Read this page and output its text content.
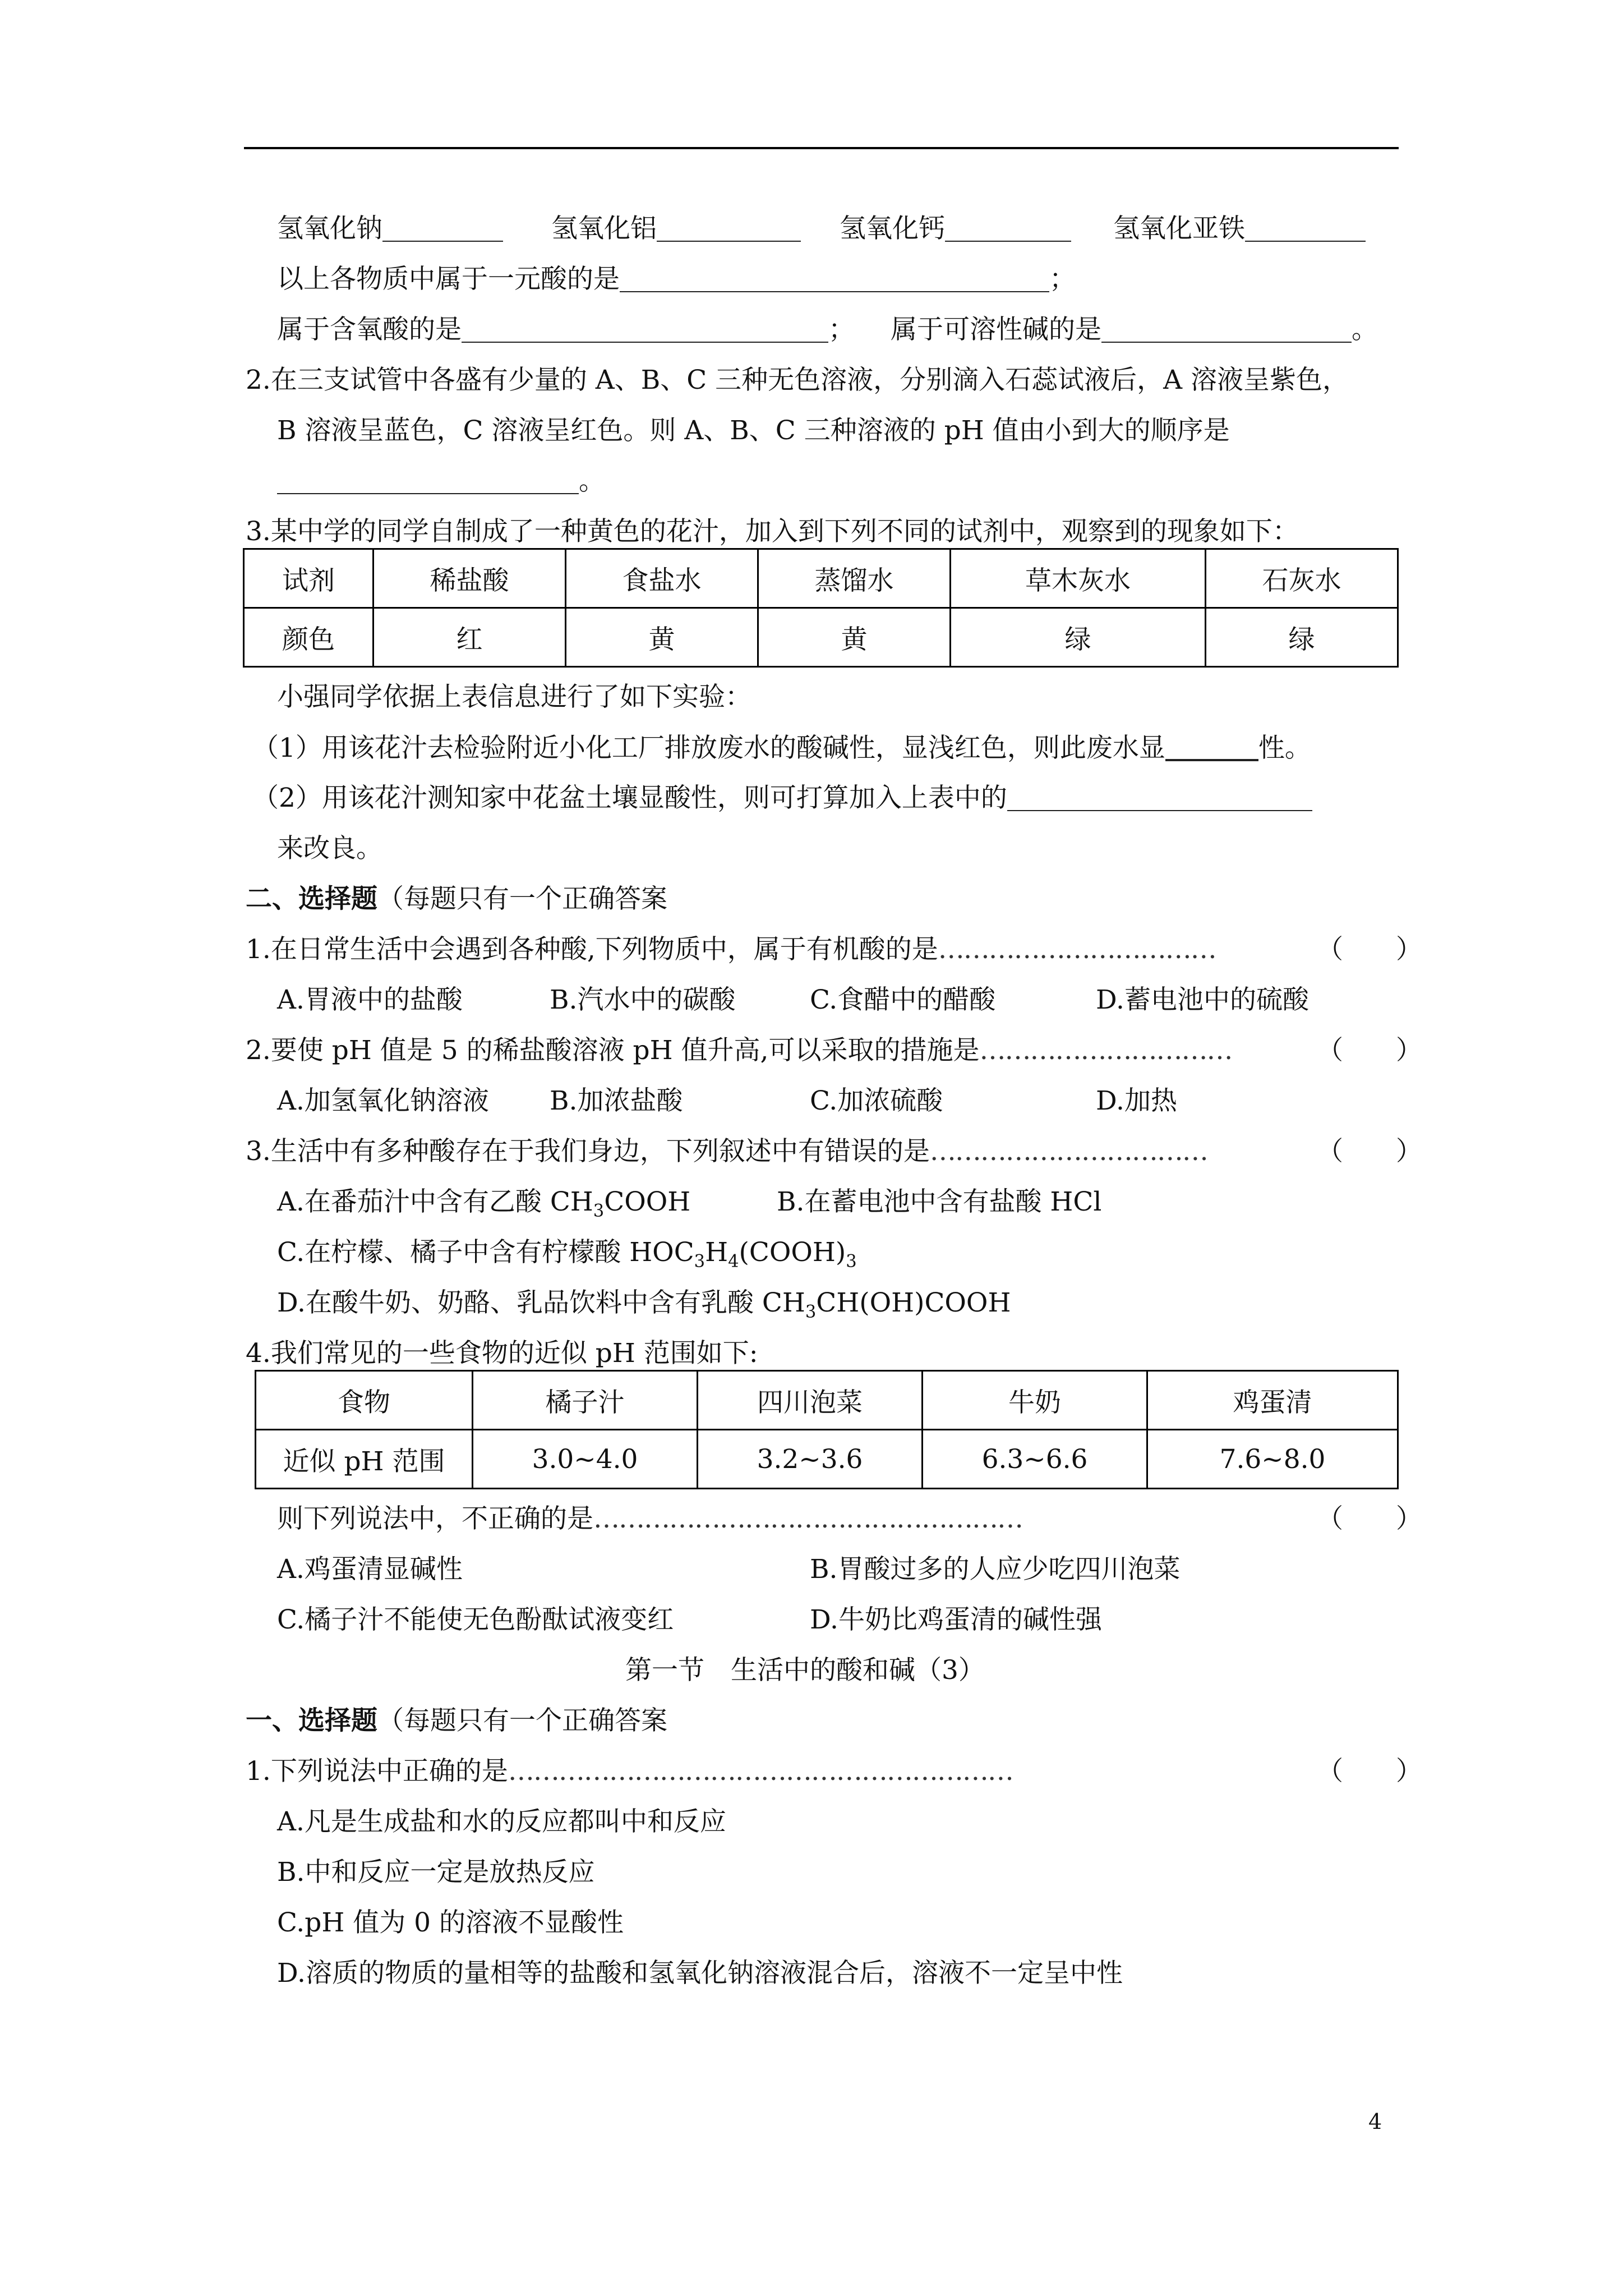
氢氧化钠	氢氧化铝	氢氧化钙	氢氧化亚铁
以上各物质中属于一元酸的是	；
属于含氧酸的是	； 属于可溶性碱的是	。
2.在三支试管中各盛有少量的 A、B、C 三种无色溶液，分别滴入石蕊试液后，A 溶液呈紫色，
B 溶液呈蓝色，C 溶液呈红色。则 A、B、C 三种溶液的 pH 值由小到大的顺序是
。
3.某中学的同学自制成了一种黄色的花汁，加入到下列不同的试剂中，观察到的现象如下：
试剂	稀盐酸	食盐水	蒸馏水	草木灰水	石灰水
颜色	红	黄	黄	绿	绿
小强同学依据上表信息进行了如下实验：
（1）用该花汁去检验附近小化工厂排放废水的酸碱性，显浅红色，则此废水显	性。
（2）用该花汁测知家中花盆土壤显酸性，则可打算加入上表中的
来改良。
二、选择题（每题只有一个正确答案
1.在日常生活中会遇到各种酸,下列物质中，属于有机酸的是……………………………	（　　）
A.胃液中的盐酸	B.汽水中的碳酸	C.食醋中的醋酸	D.蓄电池中的硫酸
2.要使 pH 值是 5 的稀盐酸溶液 pH 值升高,可以采取的措施是…………………………	（　　）
A.加氢氧化钠溶液 B.加浓盐酸	C.加浓硫酸	D.加热
3.生活中有多种酸存在于我们身边，下列叙述中有错误的是……………………………	（　　）
A.在番茄汁中含有乙酸 $CH_3COOH$	B.在蓄电池中含有盐酸 HCl
C.在柠檬、橘子中含有柠檬酸 $HOC_3H_4(COOH)_3$
D.在酸牛奶、奶酪、乳品饮料中含有乳酸 $CH_3CH(OH)COOH$
4.我们常见的一些食物的近似 pH 范围如下:
食物	橘子汁	四川泡菜	牛奶	鸡蛋清
近似 pH 范围	3.0~4.0	3.2~3.6	6.3~6.6	7.6~8.0
则下列说法中，不正确的是……………………………………………	（　　）
A.鸡蛋清显碱性	B.胃酸过多的人应少吃四川泡菜
C.橘子汁不能使无色酚酞试液变红	D.牛奶比鸡蛋清的碱性强
第一节　生活中的酸和碱（3）
一、选择题（每题只有一个正确答案
1.下列说法中正确的是……………………………………………………	（　　）
A.凡是生成盐和水的反应都叫中和反应
B.中和反应一定是放热反应
C.pH 值为 0 的溶液不显酸性
D.溶质的物质的量相等的盐酸和氢氧化钠溶液混合后，溶液不一定呈中性
4
